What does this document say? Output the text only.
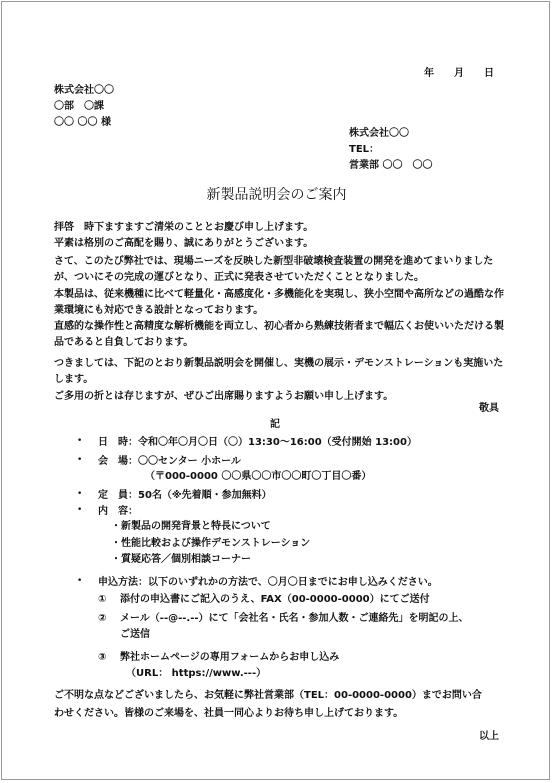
年　　月　　日
株式会社〇〇
〇部　〇課
〇〇 〇〇 様
株式会社〇〇
TEL：
営業部 〇〇　〇〇
新製品説明会のご案内
拝啓　時下ますますご清栄のこととお慶び申し上げます。
平素は格別のご高配を賜り、誠にありがとうございます。
さて、このたび弊社では、現場ニーズを反映した新型非破壊検査装置の開発を進めてまいりましたが、ついにその完成の運びとなり、正式に発表させていただくこととなりました。
本製品は、従来機種に比べて軽量化・高感度化・多機能化を実現し、狭小空間や高所などの過酷な作業環境にも対応できる設計となっております。
直感的な操作性と高精度な解析機能を両立し、初心者から熟練技術者まで幅広くお使いいただける製品であると自負しております。
つきましては、下記のとおり新製品説明会を開催し、実機の展示・デモンストレーションも実施いたします。
ご多用の折とは存じますが、ぜひご出席賜りますようお願い申し上げます。
敬具
記
• 日　時：令和〇年〇月〇日（〇）13:30～16:00（受付開始 13:00）
• 会　場：〇〇センター 小ホール
（〒000-0000 〇〇県〇〇市〇〇町〇丁目〇番）
• 定　員：50名（※先着順・参加無料）
• 内　容：
・新製品の開発背景と特長について
・性能比較および操作デモンストレーション
・質疑応答／個別相談コーナー
• 申込方法：以下のいずれかの方法で、〇月〇日までにお申し込みください。
① 添付の申込書にご記入のうえ、FAX（00-0000-0000）にてご送付
② メール（--@--.--）にて「会社名・氏名・参加人数・ご連絡先」を明記の上、
ご送信
③ 弊社ホームページの専用フォームからお申し込み
（URL： https://www.---）
ご不明な点などございましたら、お気軽に弊社営業部（TEL：00-0000-0000）までお問い合
わせください。皆様のご来場を、社員一同心よりお待ち申し上げております。
以上
